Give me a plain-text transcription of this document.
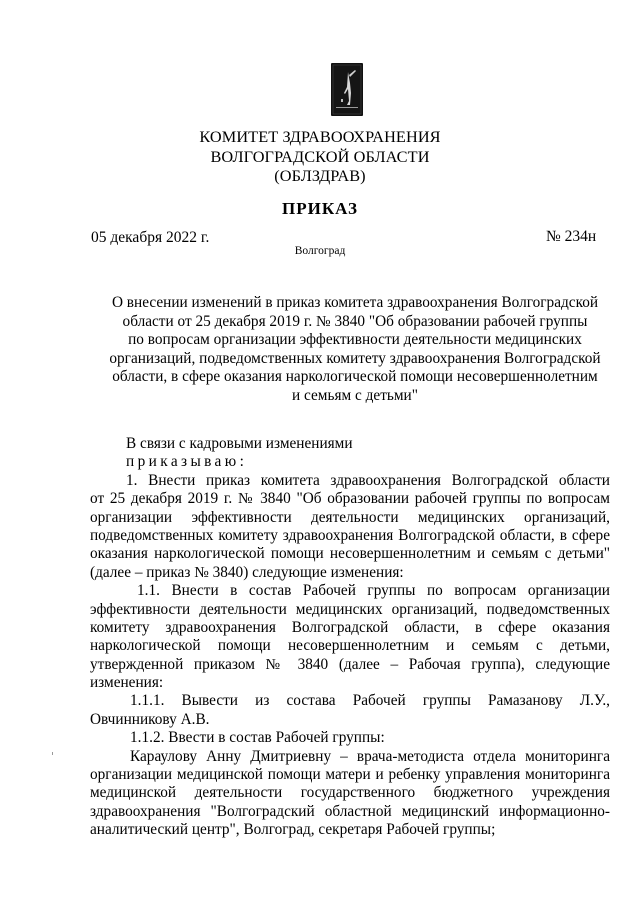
КОМИТЕТ ЗДРАВООХРАНЕНИЯ
ВОЛГОГРАДСКОЙ ОБЛАСТИ
(ОБЛЗДРАВ)
ПРИКАЗ
05 декабря 2022 г.	№ 234н
Волгоград
О внесении изменений в приказ комитета здравоохранения Волгоградской
области от 25 декабря 2019 г. № 3840 "Об образовании рабочей группы
по вопросам организации эффективности деятельности медицинских
организаций, подведомственных комитету здравоохранения Волгоградской
области, в сфере оказания наркологической помощи несовершеннолетним
и семьям с детьми"
В связи с кадровыми изменениями
приказываю:
1. Внести приказ комитета здравоохранения Волгоградской области
от 25 декабря 2019 г. № 3840 "Об образовании рабочей группы по вопросам
организации эффективности деятельности медицинских организаций,
подведомственных комитету здравоохранения Волгоградской области, в сфере
оказания наркологической помощи несовершеннолетним и семьям с детьми"
(далее – приказ № 3840) следующие изменения:
1.1. Внести в состав Рабочей группы по вопросам организации
эффективности деятельности медицинских организаций, подведомственных
комитету здравоохранения Волгоградской области, в сфере оказания
наркологической помощи несовершеннолетним и семьям с детьми,
утвержденной приказом № 3840 (далее – Рабочая группа), следующие
изменения:
1.1.1. Вывести из состава Рабочей группы Рамазанову Л.У.,
Овчинникову А.В.
1.1.2. Ввести в состав Рабочей группы:
Караулову Анну Дмитриевну – врача-методиста отдела мониторинга
организации медицинской помощи матери и ребенку управления мониторинга
медицинской деятельности государственного бюджетного учреждения
здравоохранения "Волгоградский областной медицинский информационно-
аналитический центр", Волгоград, секретаря Рабочей группы;
